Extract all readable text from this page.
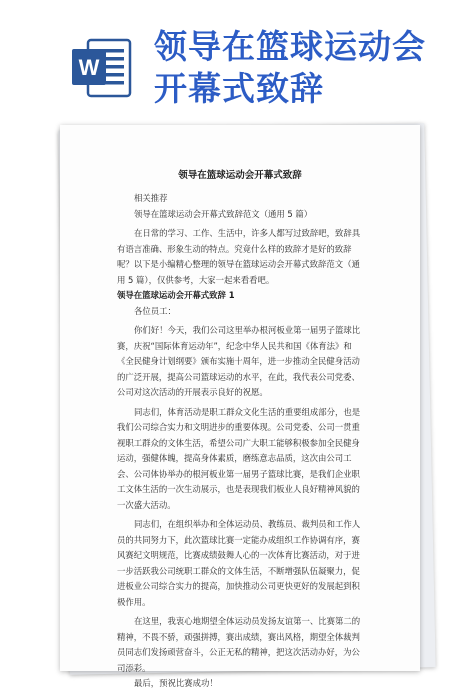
W
领导在篮球运动会
开幕式致辞
领导在篮球运动会开幕式致辞

相关推荐

领导在篮球运动会开幕式致辞范文（通用 5 篇）

在日常的学习、工作、生活中，许多人都写过致辞吧，致辞具有语言准确、形象生动的特点。究竟什么样的致辞才是好的致辞呢？以下是小编精心整理的领导在篮球运动会开幕式致辞范文（通用 5 篇），仅供参考，大家一起来看看吧。

领导在篮球运动会开幕式致辞 1

各位员工：

你们好！今天，我们公司这里举办根河板业第一届男子篮球比赛，庆祝“国际体育运动年”，纪念中华人民共和国《体育法》和《全民健身计划纲要》颁布实施十周年，进一步推动全民健身活动的广泛开展，提高公司篮球运动的水平，在此，我代表公司党委、公司对这次活动的开展表示良好的祝愿。

同志们，体育活动是职工群众文化生活的重要组成部分，也是我们公司综合实力和文明进步的重要体现。公司党委、公司一贯重视职工群众的文体生活，希望公司广大职工能够积极参加全民健身运动，强健体魄，提高身体素质，磨练意志品质，这次由公司工会、公司体协举办的根河板业第一届男子篮球比赛，是我们企业职工文体生活的一次生动展示，也是表现我们板业人良好精神风貌的一次盛大活动。

同志们，在组织举办和全体运动员、教练员、裁判员和工作人员的共同努力下，此次篮球比赛一定能办成组织工作协调有序，赛风赛纪文明规范，比赛成绩鼓舞人心的一次体育比赛活动，对于进一步活跃我公司统职工群众的文体生活，不断增强队伍凝聚力，促进板业公司综合实力的提高，加快推动公司更快更好的发展起到积极作用。

在这里，我衷心地期望全体运动员发扬友谊第一、比赛第二的精神，不畏不骄，顽强拼搏，赛出成绩，赛出风格，期望全体裁判员同志们发扬顽营奋斗，公正无私的精神，把这次活动办好，为公司添彩。

最后，预祝比赛成功！
